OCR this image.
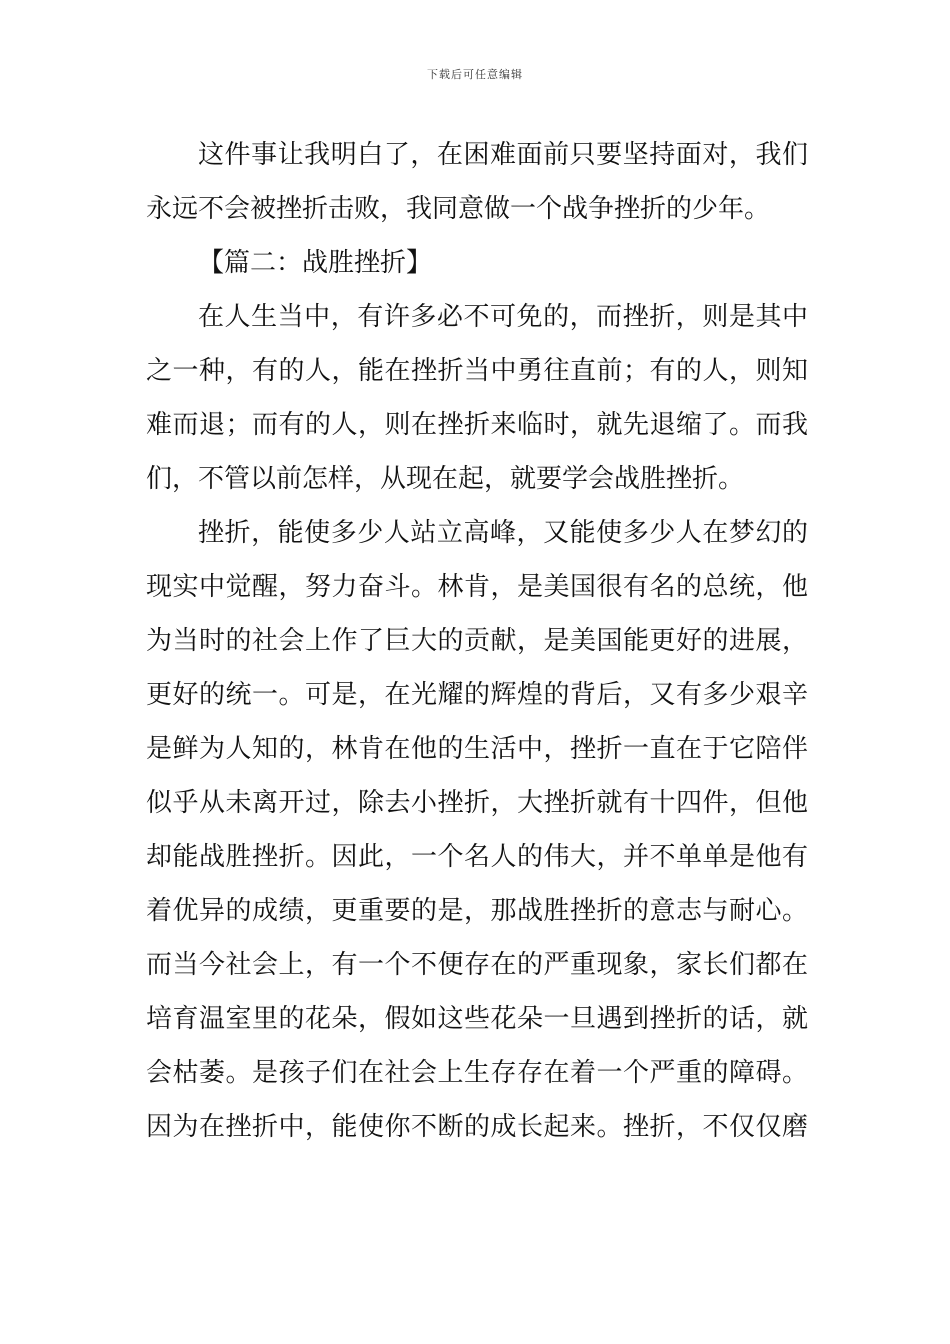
下载后可任意编辑
这件事让我明白了，在困难面前只要坚持面对，我们
永远不会被挫折击败，我同意做一个战争挫折的少年。
【篇二：战胜挫折】
在人生当中，有许多必不可免的，而挫折，则是其中
之一种，有的人，能在挫折当中勇往直前；有的人，则知
难而退；而有的人，则在挫折来临时，就先退缩了。而我
们，不管以前怎样，从现在起，就要学会战胜挫折。
挫折，能使多少人站立高峰，又能使多少人在梦幻的
现实中觉醒，努力奋斗。林肯，是美国很有名的总统，他
为当时的社会上作了巨大的贡献，是美国能更好的进展，
更好的统一。可是，在光耀的辉煌的背后，又有多少艰辛
是鲜为人知的，林肯在他的生活中，挫折一直在于它陪伴
似乎从未离开过，除去小挫折，大挫折就有十四件，但他
却能战胜挫折。因此，一个名人的伟大，并不单单是他有
着优异的成绩，更重要的是，那战胜挫折的意志与耐心。
而当今社会上，有一个不便存在的严重现象，家长们都在
培育温室里的花朵，假如这些花朵一旦遇到挫折的话，就
会枯萎。是孩子们在社会上生存存在着一个严重的障碍。
因为在挫折中，能使你不断的成长起来。挫折，不仅仅磨
